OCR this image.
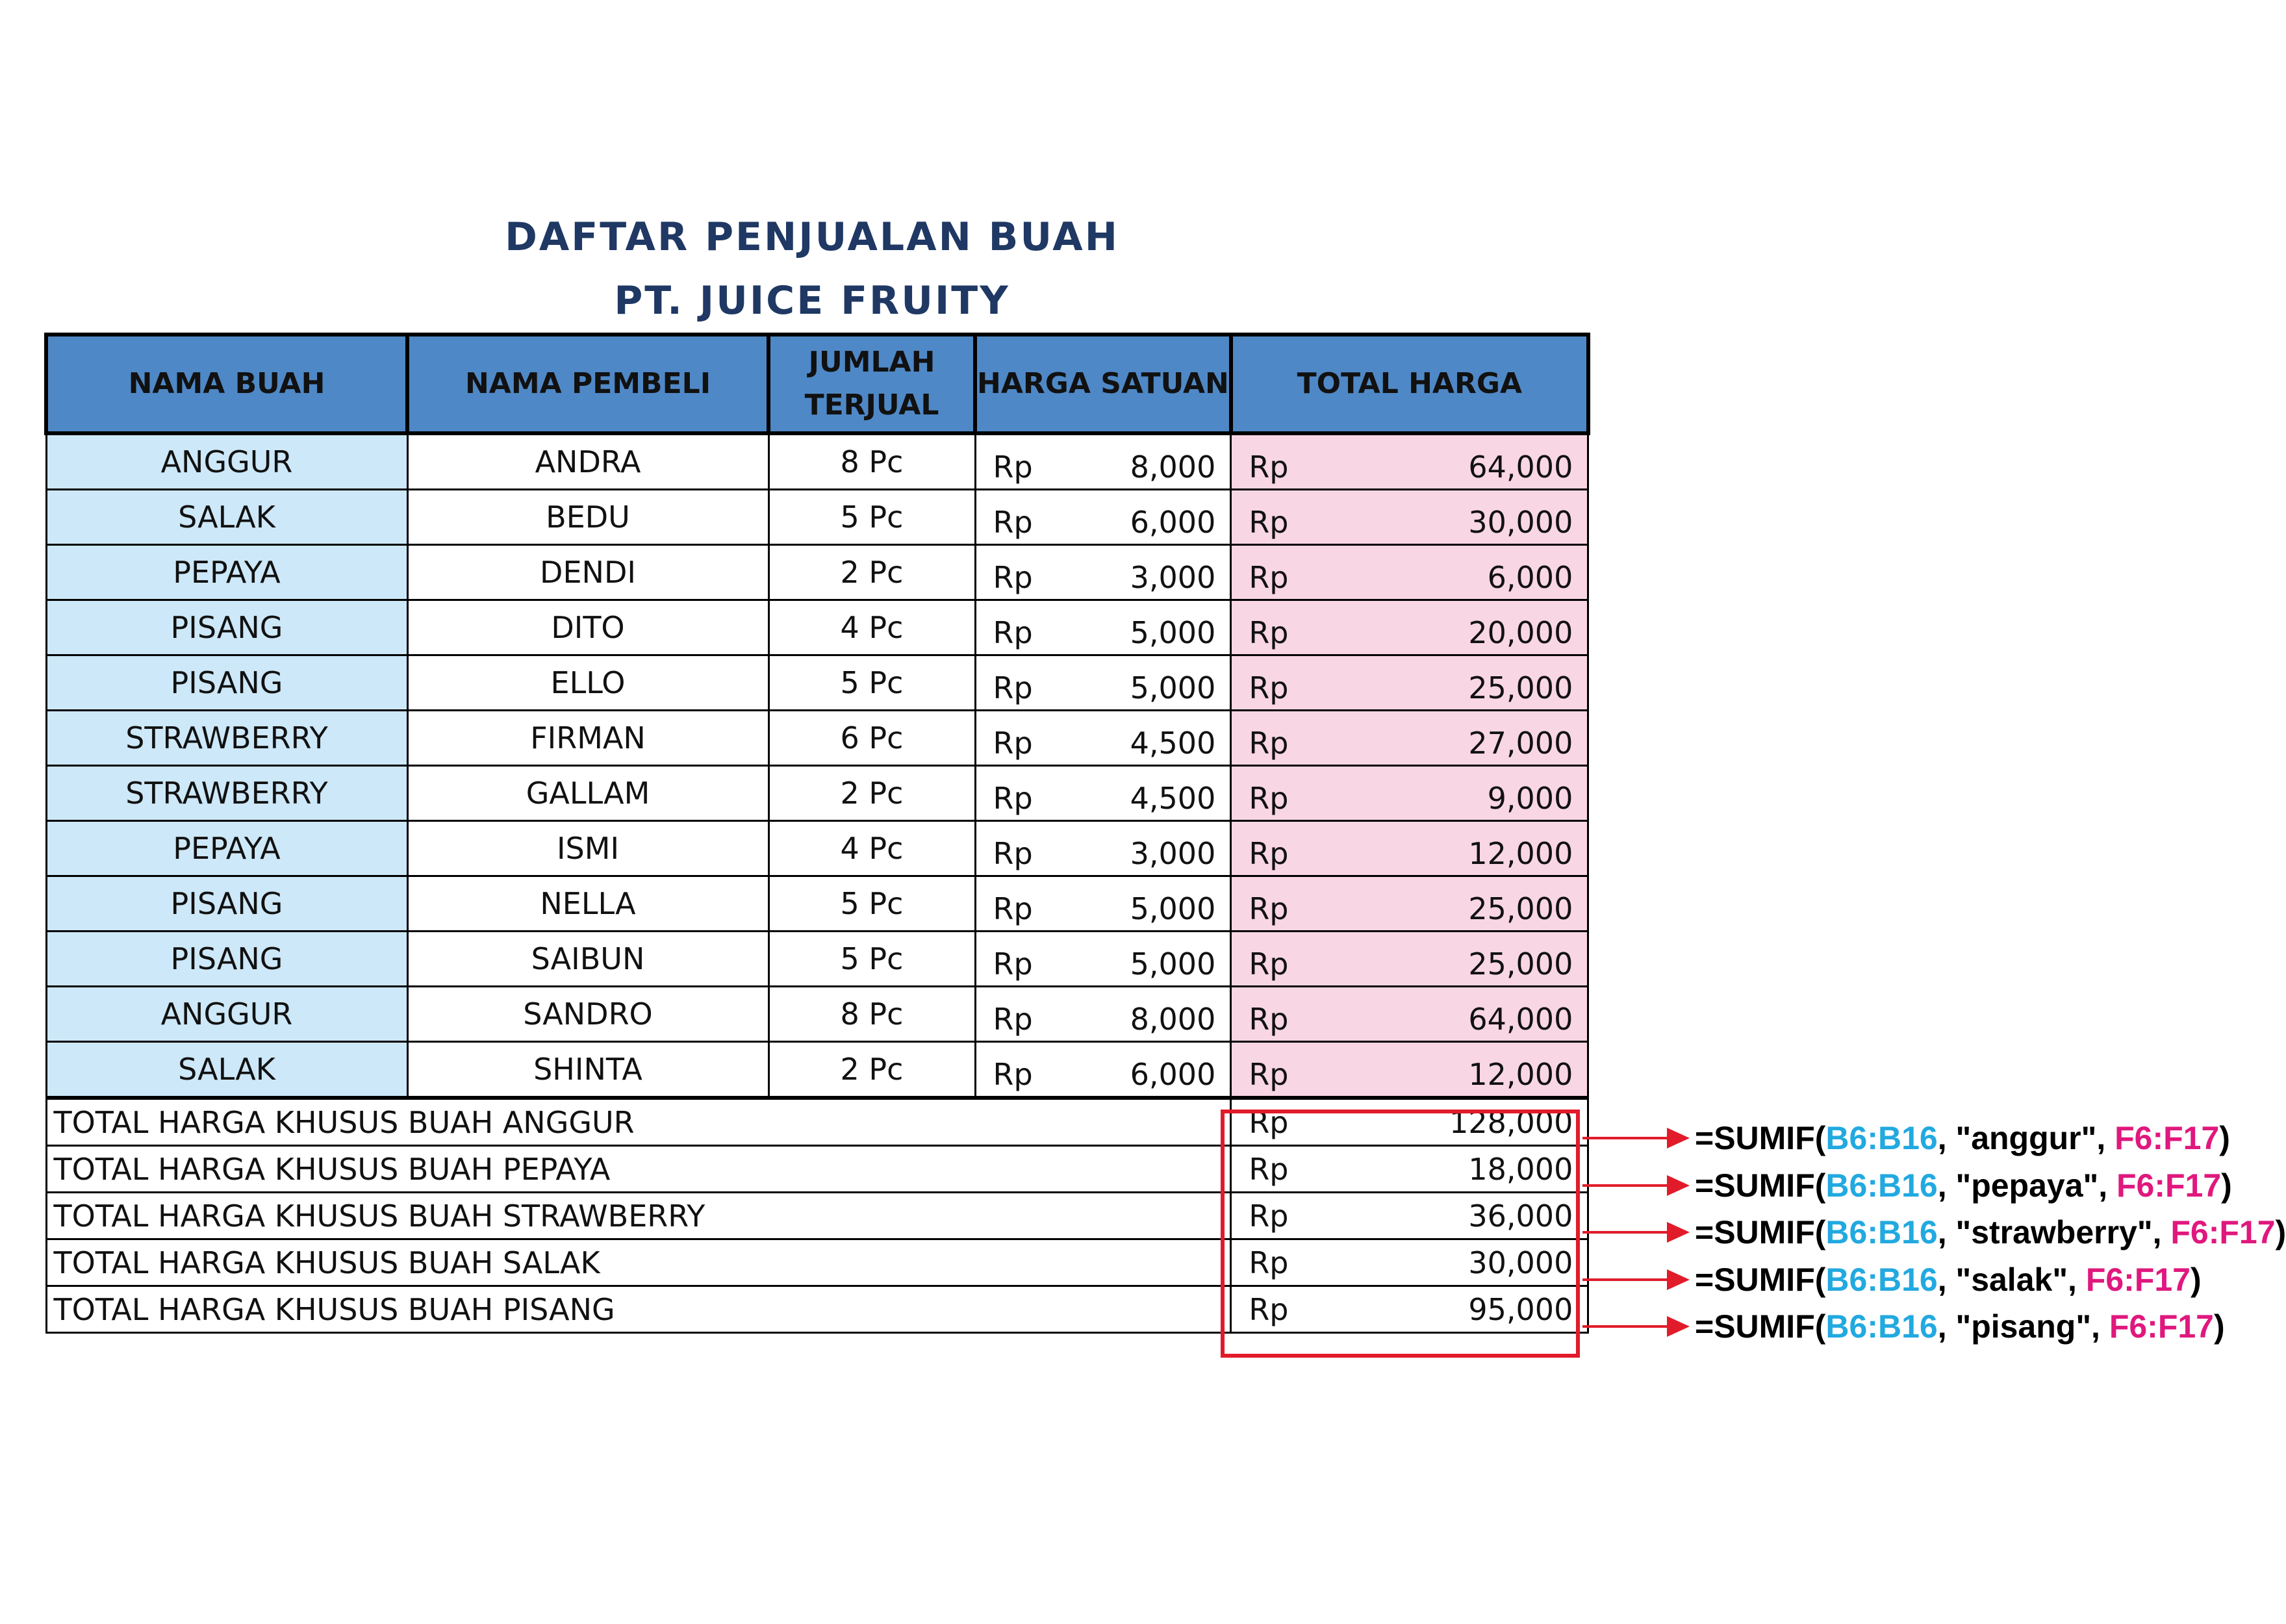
DAFTAR PENJUALAN BUAH
PT. JUICE FRUITY
NAMA BUAH	NAMA PEMBELI	JUMLAH TERJUAL	HARGA SATUAN	TOTAL HARGA
ANGGUR	ANDRA	8 Pc	Rp 8,000	Rp 64,000

SALAK	BEDU	5 Pc	Rp 6,000	Rp 30,000

PEPAYA	DENDI	2 Pc	Rp 3,000	Rp 6,000

PISANG	DITO	4 Pc	Rp 5,000	Rp 20,000

PISANG	ELLO	5 Pc	Rp 5,000	Rp 25,000

STRAWBERRY	FIRMAN	6 Pc	Rp 4,500	Rp 27,000

STRAWBERRY	GALLAM	2 Pc	Rp 4,500	Rp 9,000

PEPAYA	ISMI	4 Pc	Rp 3,000	Rp 12,000

PISANG	NELLA	5 Pc	Rp 5,000	Rp 25,000

PISANG	SAIBUN	5 Pc	Rp 5,000	Rp 25,000

ANGGUR	SANDRO	8 Pc	Rp 8,000	Rp 64,000

SALAK	SHINTA	2 Pc	Rp 6,000	Rp 12,000

TOTAL HARGA KHUSUS BUAH ANGGUR				Rp 128,000

TOTAL HARGA KHUSUS BUAH PEPAYA				Rp 18,000

TOTAL HARGA KHUSUS BUAH STRAWBERRY				Rp 36,000

TOTAL HARGA KHUSUS BUAH SALAK				Rp 30,000

TOTAL HARGA KHUSUS BUAH PISANG				Rp 95,000
=SUMIF(B6:B16, "anggur", F6:F17)
=SUMIF(B6:B16, "pepaya", F6:F17)
=SUMIF(B6:B16, "strawberry", F6:F17)
=SUMIF(B6:B16, "salak", F6:F17)
=SUMIF(B6:B16, "pisang", F6:F17)
